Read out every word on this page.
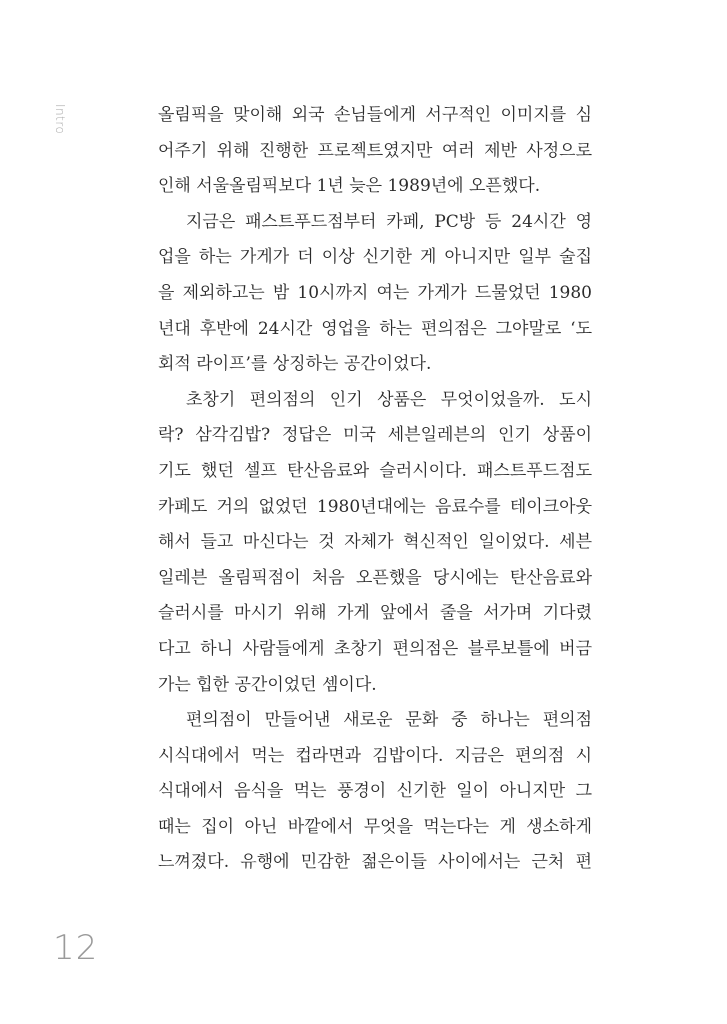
Intro	올림픽을 맞이해 외국 손님들에게 서구적인 이미지를 심
어주기 위해 진행한 프로젝트였지만 여러 제반 사정으로
인해 서울올림픽보다 1년 늦은 1989년에 오픈했다.
지금은 패스트푸드점부터 카페, PC방 등 24시간 영
업을 하는 가게가 더 이상 신기한 게 아니지만 일부 술집
을 제외하고는 밤 10시까지 여는 가게가 드물었던 1980
년대 후반에 24시간 영업을 하는 편의점은 그야말로 ‘도
회적 라이프’를 상징하는 공간이었다.
초창기 편의점의 인기 상품은 무엇이었을까. 도시
락? 삼각김밥? 정답은 미국 세븐일레븐의 인기 상품이
기도 했던 셀프 탄산음료와 슬러시이다. 패스트푸드점도
카페도 거의 없었던 1980년대에는 음료수를 테이크아웃
해서 들고 마신다는 것 자체가 혁신적인 일이었다. 세븐
일레븐 올림픽점이 처음 오픈했을 당시에는 탄산음료와
슬러시를 마시기 위해 가게 앞에서 줄을 서가며 기다렸
다고 하니 사람들에게 초창기 편의점은 블루보틀에 버금
가는 힙한 공간이었던 셈이다.
편의점이 만들어낸 새로운 문화 중 하나는 편의점
시식대에서 먹는 컵라면과 김밥이다. 지금은 편의점 시
식대에서 음식을 먹는 풍경이 신기한 일이 아니지만 그
때는 집이 아닌 바깥에서 무엇을 먹는다는 게 생소하게
느껴졌다. 유행에 민감한 젊은이들 사이에서는 근처 편
12
